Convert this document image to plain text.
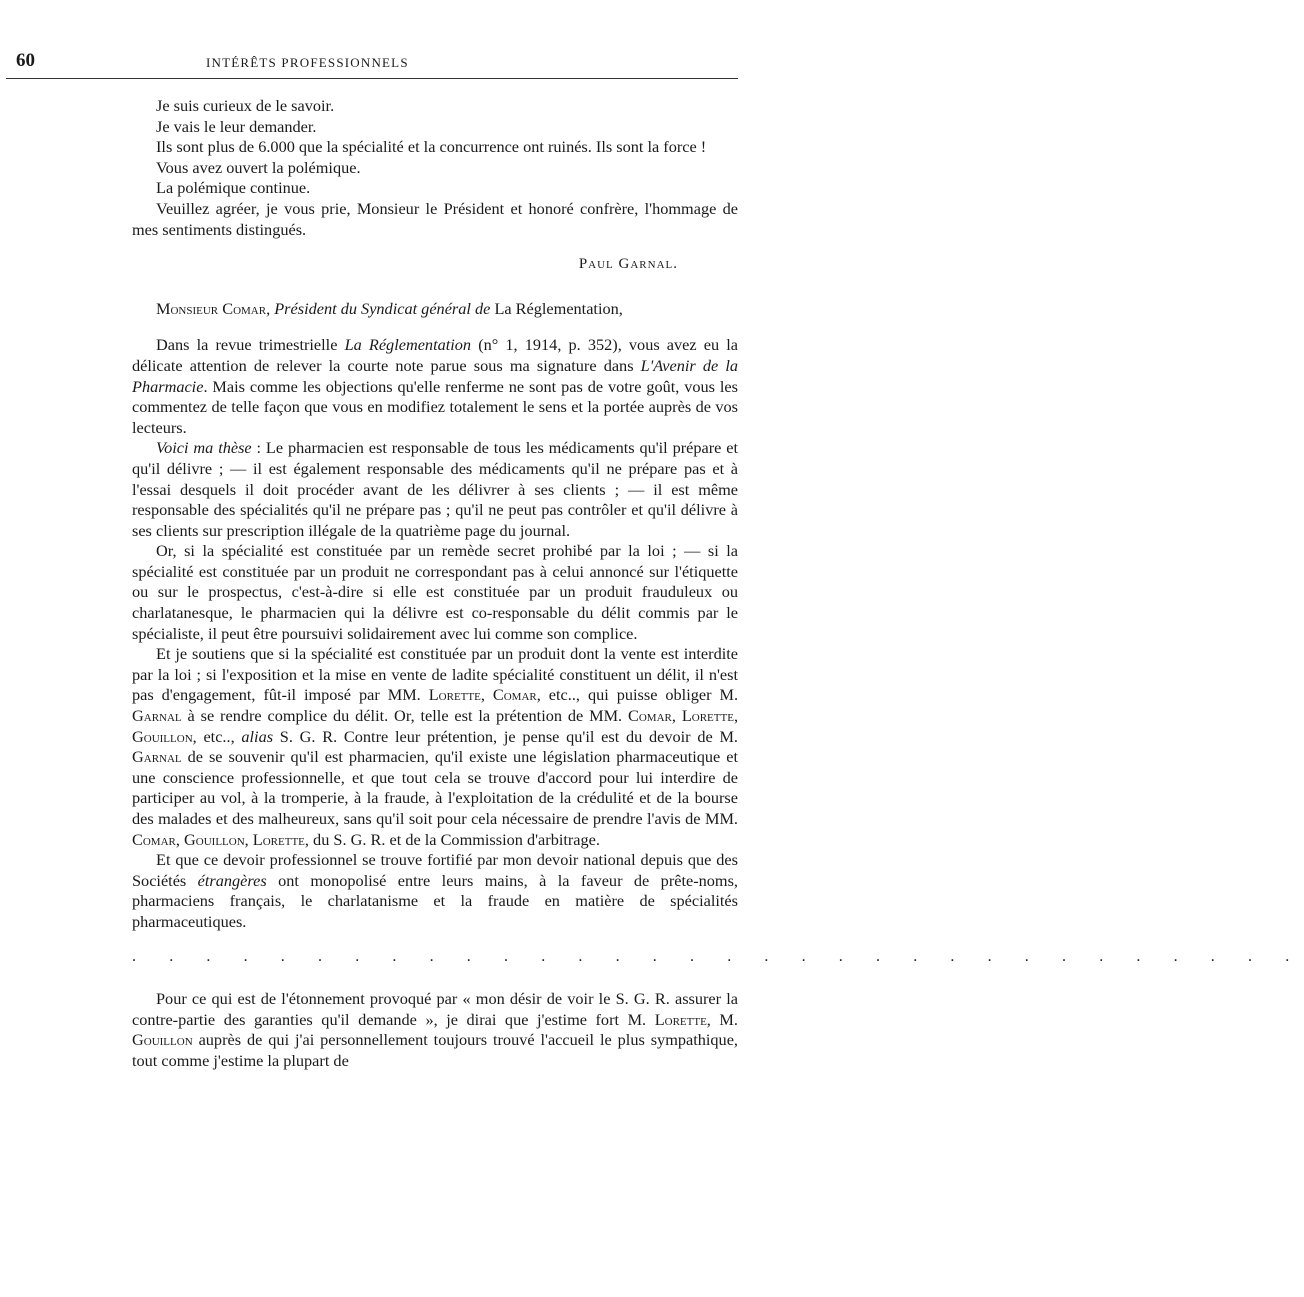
60	INTÉRÊTS PROFESSIONNELS

Je suis curieux de le savoir.

Je vais le leur demander.

Ils sont plus de 6.000 que la spécialité et la concurrence ont ruinés. Ils sont la force !

Vous avez ouvert la polémique.

La polémique continue.

Veuillez agréer, je vous prie, Monsieur le Président et honoré confrère, l'hommage de mes sentiments distingués.

Paul Garnal.

Monsieur Comar, Président du Syndicat général de La Réglementation,

Dans la revue trimestrielle La Réglementation (n° 1, 1914, p. 352), vous avez eu la délicate attention de relever la courte note parue sous ma signature dans L'Avenir de la Pharmacie. Mais comme les objections qu'elle renferme ne sont pas de votre goût, vous les commentez de telle façon que vous en modifiez totalement le sens et la portée auprès de vos lecteurs.

Voici ma thèse : Le pharmacien est responsable de tous les médicaments qu'il prépare et qu'il délivre ; — il est également responsable des médicaments qu'il ne prépare pas et à l'essai desquels il doit procéder avant de les délivrer à ses clients ; — il est même responsable des spécialités qu'il ne prépare pas ; qu'il ne peut pas contrôler et qu'il délivre à ses clients sur prescription illégale de la quatrième page du journal.

Or, si la spécialité est constituée par un remède secret prohibé par la loi ; — si la spécialité est constituée par un produit ne correspondant pas à celui annoncé sur l'étiquette ou sur le prospectus, c'est-à-dire si elle est constituée par un produit frauduleux ou charlatanesque, le pharmacien qui la délivre est co-responsable du délit commis par le spécialiste, il peut être poursuivi solidairement avec lui comme son complice.

Et je soutiens que si la spécialité est constituée par un produit dont la vente est interdite par la loi ; si l'exposition et la mise en vente de ladite spécialité constituent un délit, il n'est pas d'engagement, fût-il imposé par MM. Lorette, Comar, etc.., qui puisse obliger M. Garnal à se rendre complice du délit. Or, telle est la prétention de MM. Comar, Lorette, Gouillon, etc.., alias S. G. R. Contre leur prétention, je pense qu'il est du devoir de M. Garnal de se souvenir qu'il est pharmacien, qu'il existe une législation pharmaceutique et une conscience professionnelle, et que tout cela se trouve d'accord pour lui interdire de participer au vol, à la tromperie, à la fraude, à l'exploitation de la crédulité et de la bourse des malades et des malheureux, sans qu'il soit pour cela nécessaire de prendre l'avis de MM. Comar, Gouillon, Lorette, du S. G. R. et de la Commission d'arbitrage.

Et que ce devoir professionnel se trouve fortifié par mon devoir national depuis que des Sociétés étrangères ont monopolisé entre leurs mains, à la faveur de prête-noms, pharmaciens français, le charlatanisme et la fraude en matière de spécialités pharmaceutiques.

. . . . . . . . . . . . . . . . . . . . . . . . . . . . . . . .

Pour ce qui est de l'étonnement provoqué par « mon désir de voir le S. G. R. assurer la contre-partie des garanties qu'il demande », je dirai que j'estime fort M. Lorette, M. Gouillon auprès de qui j'ai personnellement toujours trouvé l'accueil le plus sympathique, tout comme j'estime la plupart de
